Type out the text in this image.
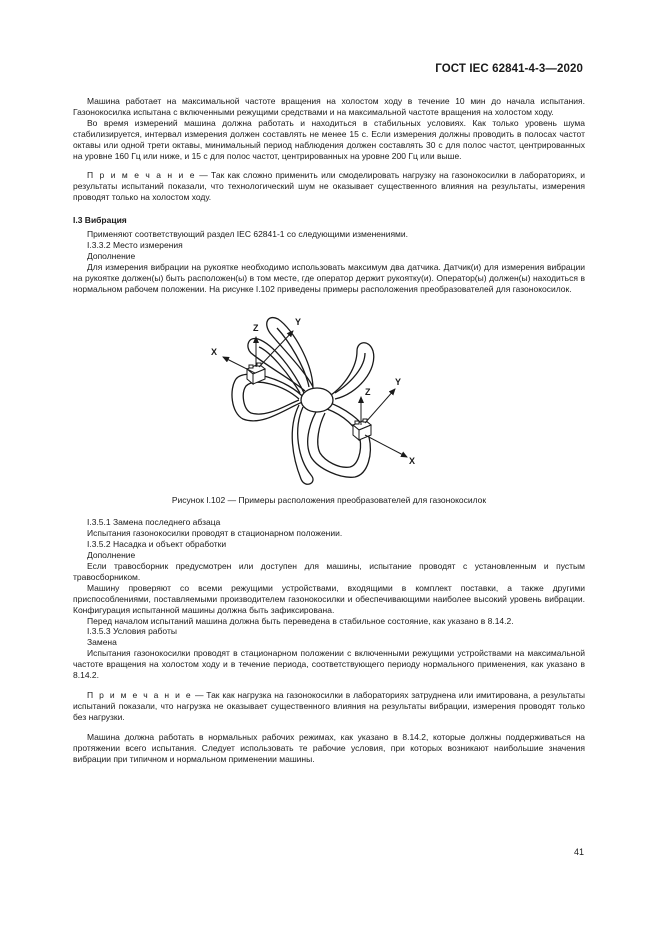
ГОСТ IEC 62841-4-3—2020

Машина работает на максимальной частоте вращения на холостом ходу в течение 10 мин до начала испытания. Газонокосилка испытана с включенными режущими средствами и на максимальной частоте вращения на холостом ходу.

Во время измерений машина должна работать и находиться в стабильных условиях. Как только уровень шума стабилизируется, интервал измерения должен составлять не менее 15 с. Если измерения должны проводить в полосах частот октавы или одной трети октавы, минимальный период наблюдения должен составлять 30 с для полос частот, центрированных на уровне 160 Гц или ниже, и 15 с для полос частот, центрированных на уровне 200 Гц или выше.

П р и м е ч а н и е — Так как сложно применить или смоделировать нагрузку на газонокосилки в лабораториях, и результаты испытаний показали, что технологический шум не оказывает существенного влияния на результаты, измерения проводят только на холостом ходу.

I.3 Вибрация

Применяют соответствующий раздел IEC 62841-1 со следующими изменениями.

I.3.3.2 Место измерения

Дополнение

Для измерения вибрации на рукоятке необходимо использовать максимум два датчика. Датчик(и) для измерения вибрации на рукоятке должен(ы) быть расположен(ы) в том месте, где оператор держит рукоятку(и). Оператор(ы) должен(ы) находиться в нормальном рабочем положении. На рисунке I.102 приведены примеры расположения преобразователей для газонокосилок.

X
Z
Y
Z
Y
X
Рисунок I.102 — Примеры расположения преобразователей для газонокосилок

I.3.5.1 Замена последнего абзаца

Испытания газонокосилки проводят в стационарном положении.

I.3.5.2 Насадка и объект обработки

Дополнение

Если травосборник предусмотрен или доступен для машины, испытание проводят с установленным и пустым травосборником.

Машину проверяют со всеми режущими устройствами, входящими в комплект поставки, а также другими приспособлениями, поставляемыми производителем газонокосилки и обеспечивающими наиболее высокий уровень вибрации. Конфигурация испытанной машины должна быть зафиксирована.

Перед началом испытаний машина должна быть переведена в стабильное состояние, как указано в 8.14.2.

I.3.5.3 Условия работы

Замена

Испытания газонокосилки проводят в стационарном положении с включенными режущими устройствами на максимальной частоте вращения на холостом ходу и в течение периода, соответствующего периоду нормального применения, как указано в 8.14.2.

П р и м е ч а н и е — Так как нагрузка на газонокосилки в лабораториях затруднена или имитирована, а результаты испытаний показали, что нагрузка не оказывает существенного влияния на результаты вибрации, измерения проводят только без нагрузки.

Машина должна работать в нормальных рабочих режимах, как указано в 8.14.2, которые должны поддерживаться на протяжении всего испытания. Следует использовать те рабочие условия, при которых возникают наибольшие значения вибрации при типичном и нормальном применении машины.

41
